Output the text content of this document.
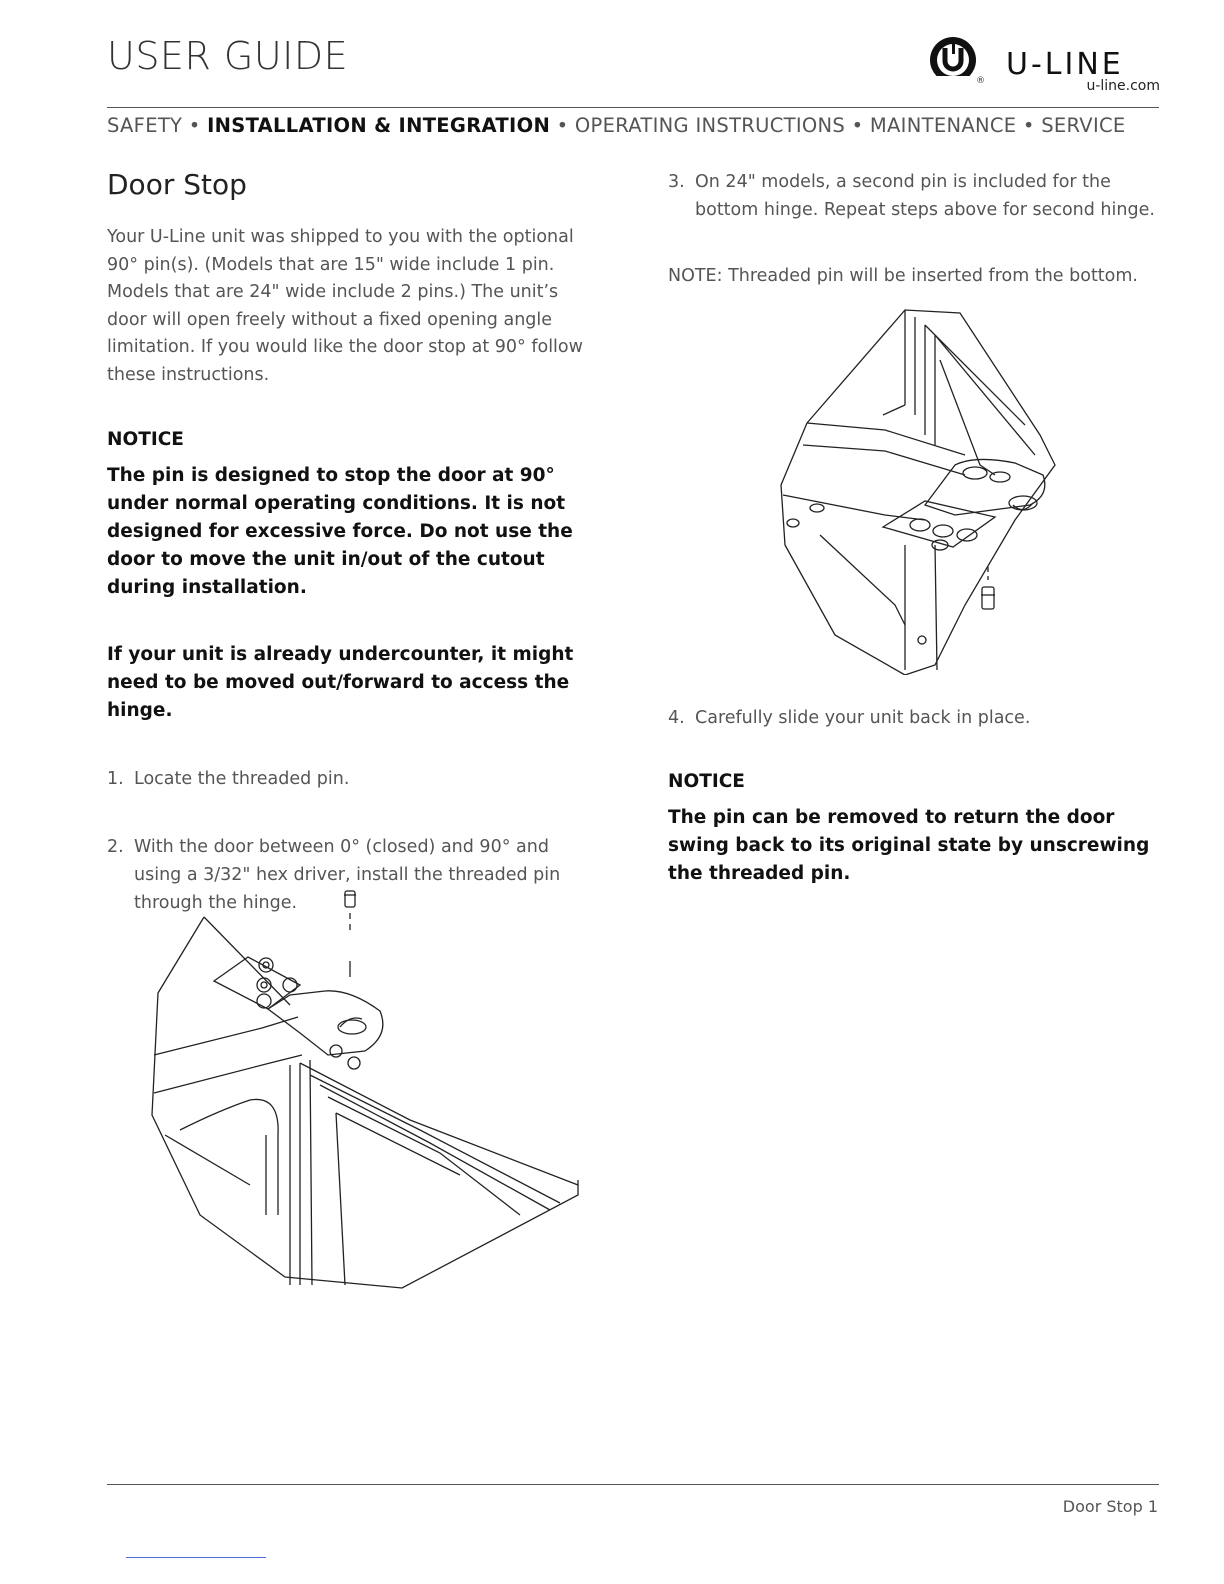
USER GUIDE	U-LINE
®	u-line.com
SAFETY • INSTALLATION & INTEGRATION • OPERATING INSTRUCTIONS • MAINTENANCE • SERVICE
Door Stop

Your U-Line unit was shipped to you with the optional 90° pin(s). (Models that are 15" wide include 1 pin. Models that are 24" wide include 2 pins.) The unit’s door will open freely without a fixed opening angle limitation. If you would like the door stop at 90° follow these instructions.

NOTICE

The pin is designed to stop the door at 90° under normal operating conditions. It is not designed for excessive force. Do not use the door to move the unit in/out of the cutout during installation.

If your unit is already undercounter, it might need to be moved out/forward to access the hinge.

1. Locate the threaded pin.
2. With the door between 0° (closed) and 90° and using a 3/32" hex driver, install the threaded pin through the hinge.
3. On 24" models, a second pin is included for the bottom hinge. Repeat steps above for second hinge.

NOTE: Threaded pin will be inserted from the bottom.

4. Carefully slide your unit back in place.

NOTICE

The pin can be removed to return the door swing back to its original state by unscrewing the threaded pin.

Door Stop 1
